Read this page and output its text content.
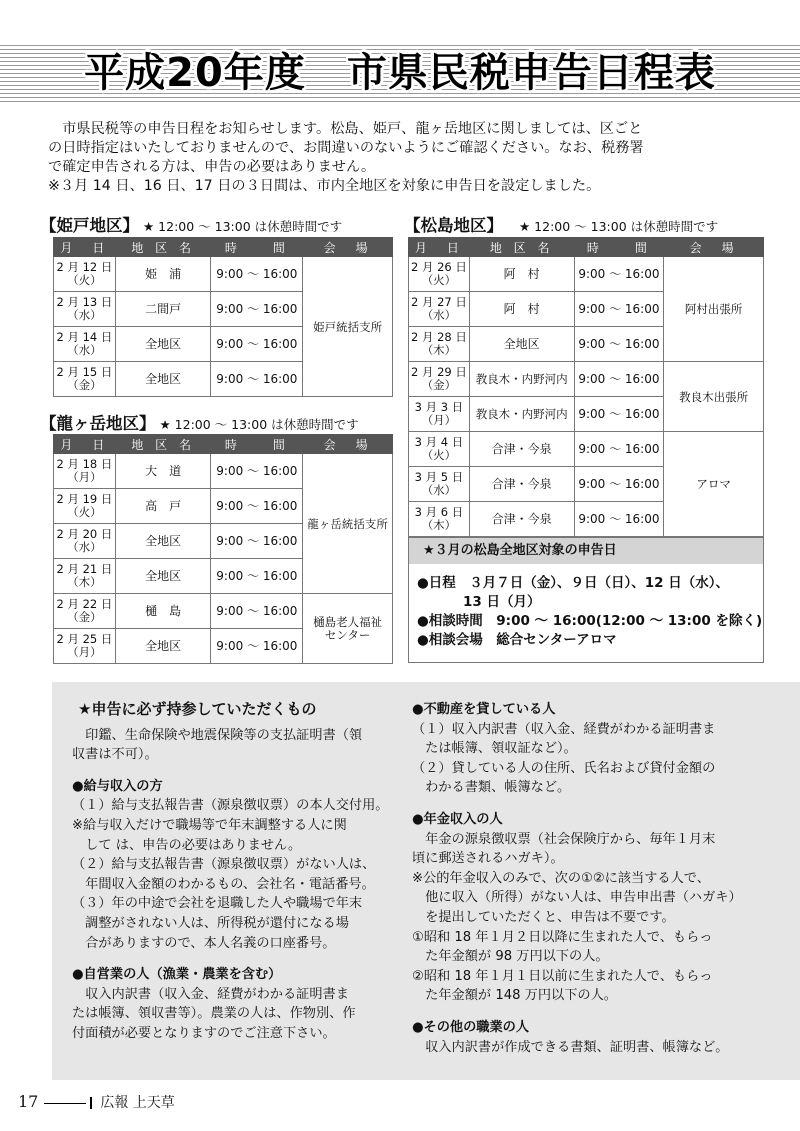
平成20年度　市県民税申告日程表

市県民税等の申告日程をお知らせします。松島、姫戸、龍ヶ岳地区に関しましては、区ごと
の日時指定はいたしておりませんので、お間違いのないようにご確認ください。なお、税務署
で確定申告される方は、申告の必要はありません。

※３月 14 日、16 日、17 日の３日間は、市内全地区を対象に申告日を設定しました。

【姫戸地区】 ★ 12:00 ～ 13:00 は休憩時間です
月　日	地 区 名	時　　間	会　場
2 月 12 日
（火）	姫　浦	9:00 ～ 16:00	姫戸統括支所
2 月 13 日
（水）	二間戸	9:00 ～ 16:00	
2 月 14 日
（水）	全地区	9:00 ～ 16:00	
2 月 15 日
（金）	全地区	9:00 ～ 16:00	
【龍ヶ岳地区】 ★ 12:00 ～ 13:00 は休憩時間です
月　日	地 区 名	時　　間	会　場
2 月 18 日
（月）	大　道	9:00 ～ 16:00	龍ヶ岳統括支所
2 月 19 日
（火）	高　戸	9:00 ～ 16:00	
2 月 20 日
（水）	全地区	9:00 ～ 16:00	
2 月 21 日
（木）	全地区	9:00 ～ 16:00	
2 月 22 日
（金）	樋　島	9:00 ～ 16:00	樋島老人福祉
センター
2 月 25 日
（月）	全地区	9:00 ～ 16:00	
【松島地区】 ★ 12:00 ～ 13:00 は休憩時間です
月　日	地 区 名	時　　間	会　場
2 月 26 日
（火）	阿　村	9:00 ～ 16:00	阿村出張所
2 月 27 日
（水）	阿　村	9:00 ～ 16:00	
2 月 28 日
（木）	全地区	9:00 ～ 16:00	
2 月 29 日
（金）	教良木・内野河内	9:00 ～ 16:00	教良木出張所
3 月 3 日
（月）	教良木・内野河内	9:00 ～ 16:00	
3 月 4 日
（火）	合津・今泉	9:00 ～ 16:00	アロマ
3 月 5 日
（水）	合津・今泉	9:00 ～ 16:00	
3 月 6 日
（木）	合津・今泉	9:00 ～ 16:00	
★３月の松島全地区対象の申告日
●日程　３月７日（金）、９日（日）、12 日（水）、
13 日（月）
●相談時間　9:00 ～ 16:00(12:00 ～ 13:00 を除く)
●相談会場　総合センターアロマ
★申告に必ず持参していただくもの
　印鑑、生命保険や地震保険等の支払証明書（領
収書は不可）。
●給与収入の方
（１）給与支払報告書（源泉徴収票）の本人交付用。
※給与収入だけで職場等で年末調整する人に関
　して は、申告の必要はありません。
（２）給与支払報告書（源泉徴収票）がない人は、
　年間収入金額のわかるもの、会社名・電話番号。
（３）年の中途で会社を退職した人や職場で年末
　調整がされない人は、所得税が還付になる場
　合がありますので、本人名義の口座番号。
●自営業の人（漁業・農業を含む）
　収入内訳書（収入金、経費がわかる証明書ま
たは帳簿、領収書等）。農業の人は、作物別、作
付面積が必要となりますのでご注意下さい。
●不動産を貸している人
（１）収入内訳書（収入金、経費がわかる証明書ま
　たは帳簿、領収証など）。
（２）貸している人の住所、氏名および貸付金額の
　わかる書類、帳簿など。
●年金収入の人
　年金の源泉徴収票（社会保険庁から、毎年１月末
頃に郵送されるハガキ）。
※公的年金収入のみで、次の①②に該当する人で、
　他に収入（所得）がない人は、申告申出書（ハガキ）
　を提出していただくと、申告は不要です。
①昭和 18 年１月２日以降に生まれた人で、もらっ
　た年金額が 98 万円以下の人。
②昭和 18 年１月１日以前に生まれた人で、もらっ
　た年金額が 148 万円以下の人。
●その他の職業の人
　収入内訳書が作成できる書類、証明書、帳簿など。
17	広報 上天草
